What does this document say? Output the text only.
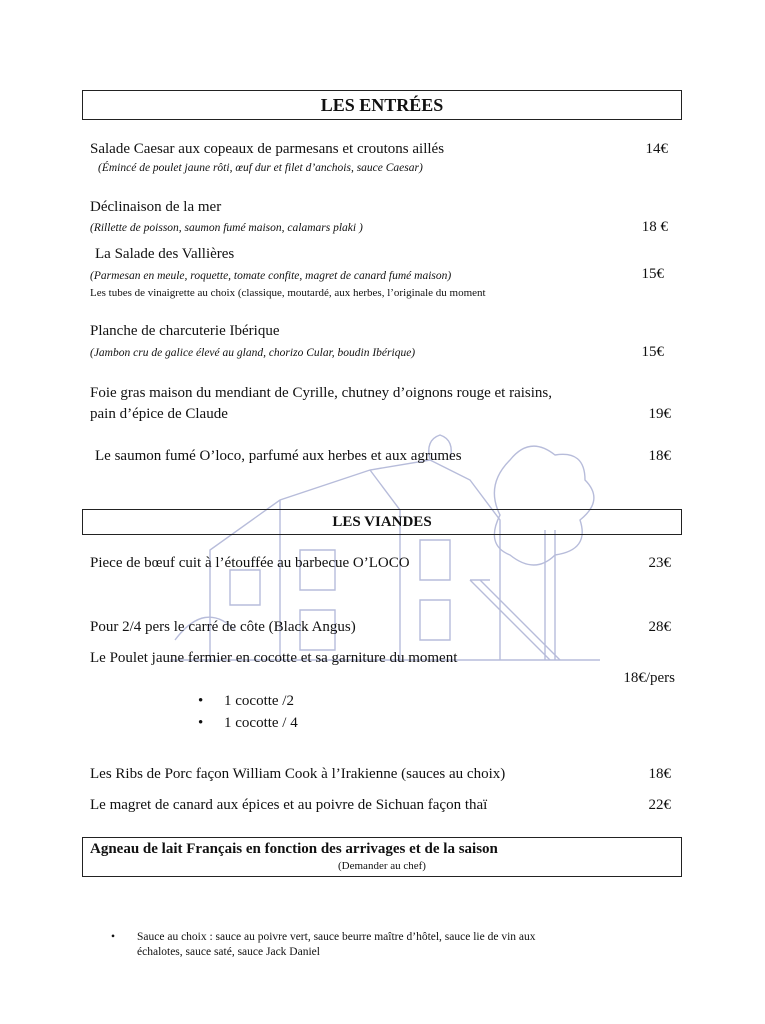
LES ENTRÉES
Salade Caesar aux copeaux de parmesans et croutons aillés
(Émincé de poulet jaune rôti, œuf dur et filet d’anchois, sauce Caesar)
14€
Déclinaison de la mer
(Rillette de poisson, saumon fumé maison, calamars plaki )	18 €
La Salade des Vallières
(Parmesan en meule, roquette, tomate confite, magret de canard fumé maison)
Les tubes de vinaigrette au choix (classique, moutardé, aux herbes, l’originale du moment
15€
Planche de charcuterie Ibérique
(Jambon cru de galice élevé au gland, chorizo Cular, boudin Ibérique)	15€
Foie gras maison du mendiant de Cyrille, chutney d’oignons rouge et raisins,
pain d’épice de Claude	19€
Le saumon fumé O’loco, parfumé aux herbes et aux agrumes	18€
LES VIANDES
Piece de bœuf cuit à l’étouffée au barbecue O’LOCO	23€
Pour 2/4 pers le carré de côte (Black Angus)	28€
Le Poulet jaune fermier en cocotte et sa garniture du moment
18€/pers
• 1 cocotte /2
• 1 cocotte / 4
Les Ribs de Porc façon William Cook à l’Irakienne (sauces au choix)	18€
Le magret de canard aux épices et au poivre de Sichuan façon thaï	22€
Agneau de lait Français en fonction des arrivages et de la saison
(Demander au chef)
• Sauce au choix : sauce au poivre vert, sauce beurre maître d’hôtel, sauce lie de vin aux
échalotes, sauce saté, sauce Jack Daniel
